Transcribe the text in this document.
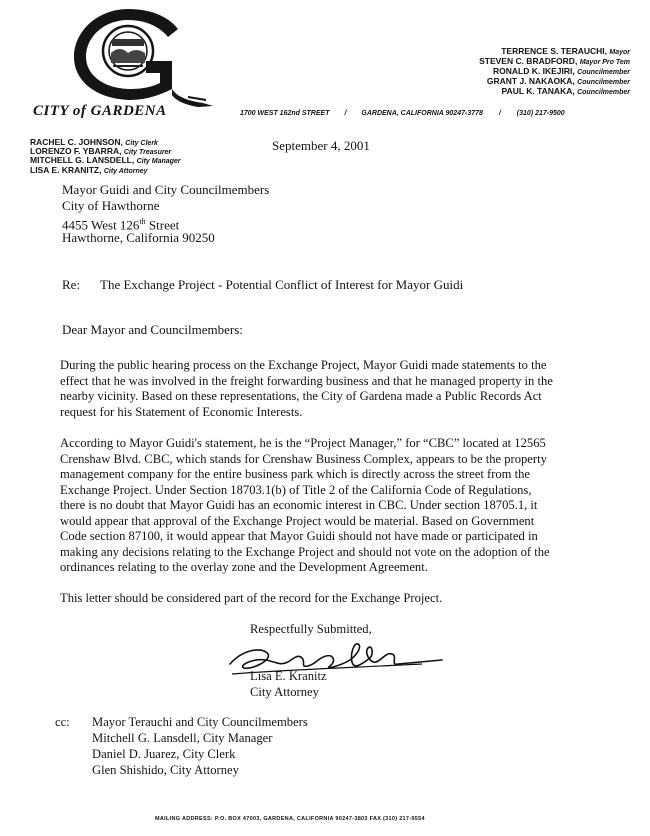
CITY of GARDENA	1700 WEST 162nd STREET / GARDENA, CALIFORNIA 90247-3778 / (310) 217-9500
TERRENCE S. TERAUCHI, Mayor
STEVEN C. BRADFORD, Mayor Pro Tem
RONALD K. IKEJIRI, Councilmember
GRANT J. NAKAOKA, Councilmember
PAUL K. TANAKA, Councilmember
RACHEL C. JOHNSON, City Clerk
LORENZO F. YBARRA, City Treasurer
MITCHELL G. LANSDELL, City Manager
LISA E. KRANITZ, City Attorney
September 4, 2001
Mayor Guidi and City Councilmembers
City of Hawthorne
4455 West 126th Street
Hawthorne, California 90250
Re: The Exchange Project - Potential Conflict of Interest for Mayor Guidi
Dear Mayor and Councilmembers:
During the public hearing process on the Exchange Project, Mayor Guidi made statements to the
effect that he was involved in the freight forwarding business and that he managed property in the
nearby vicinity. Based on these representations, the City of Gardena made a Public Records Act
request for his Statement of Economic Interests.
According to Mayor Guidi's statement, he is the “Project Manager,” for “CBC” located at 12565
Crenshaw Blvd. CBC, which stands for Crenshaw Business Complex, appears to be the property
management company for the entire business park which is directly across the street from the
Exchange Project. Under Section 18703.1(b) of Title 2 of the California Code of Regulations,
there is no doubt that Mayor Guidi has an economic interest in CBC. Under section 18705.1, it
would appear that approval of the Exchange Project would be material. Based on Government
Code section 87100, it would appear that Mayor Guidi should not have made or participated in
making any decisions relating to the Exchange Project and should not vote on the adoption of the
ordinances relating to the overlay zone and the Development Agreement.
This letter should be considered part of the record for the Exchange Project.
Respectfully Submitted,
Lisa E. Kranitz
City Attorney
cc: Mayor Terauchi and City Councilmembers
Mitchell G. Lansdell, City Manager
Daniel D. Juarez, City Clerk
Glen Shishido, City Attorney
MAILING ADDRESS: P.O. BOX 47003, GARDENA, CALIFORNIA 90247-3803 FAX (310) 217-9554
